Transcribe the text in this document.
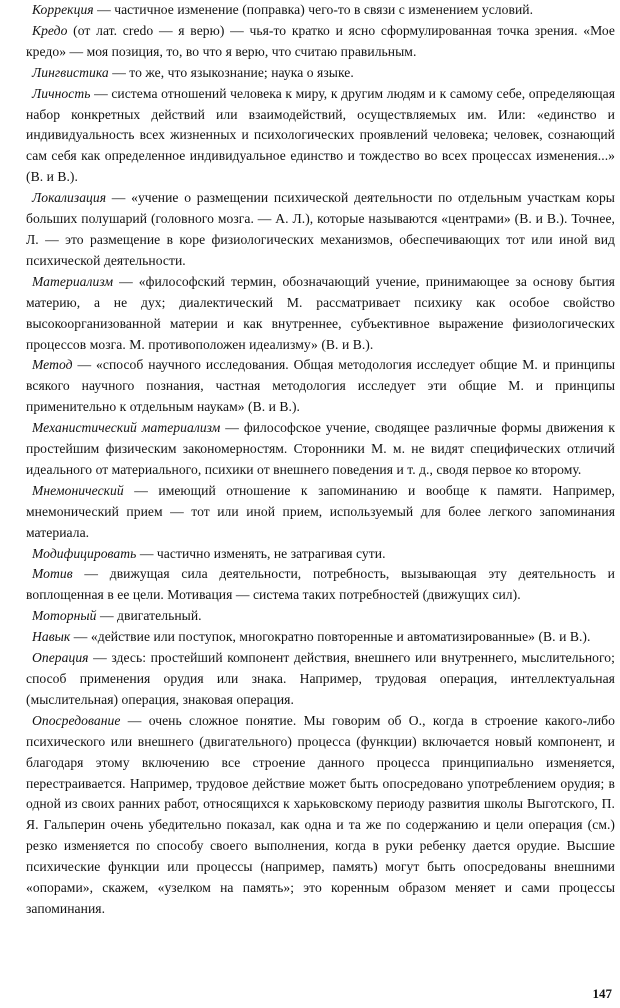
Коррекция — частичное изменение (поправка) чего-то в связи с изменением условий.

Кредо (от лат. credo — я верю) — чья-то кратко и ясно сформулированная точка зрения. «Мое кредо» — моя позиция, то, во что я верю, что считаю правильным.

Лингвистика — то же, что языкознание; наука о языке.

Личность — система отношений человека к миру, к другим людям и к самому себе, определяющая набор конкретных действий или взаимодействий, осуществляемых им. Или: «единство и индивидуальность всех жизненных и психологических проявлений человека; человек, сознающий сам себя как определенное индивидуальное единство и тождество во всех процессах изменения...» (В. и В.).

Локализация — «учение о размещении психической деятельности по отдельным участкам коры больших полушарий (головного мозга. — А. Л.), которые называются «центрами» (В. и В.). Точнее, Л. — это размещение в коре физиологических механизмов, обеспечивающих тот или иной вид психической деятельности.

Материализм — «философский термин, обозначающий учение, принимающее за основу бытия материю, а не дух; диалектический М. рассматривает психику как особое свойство высокоорганизованной материи и как внутреннее, субъективное выражение физиологических процессов мозга. М. противоположен идеализму» (В. и В.).

Метод — «способ научного исследования. Общая методология исследует общие М. и принципы всякого научного познания, частная методология исследует эти общие М. и принципы применительно к отдельным наукам» (В. и В.).

Механистический материализм — философское учение, сводящее различные формы движения к простейшим физическим закономерностям. Сторонники М. м. не видят специфических отличий идеального от материального, психики от внешнего поведения и т. д., сводя первое ко второму.

Мнемонический — имеющий отношение к запоминанию и вообще к памяти. Например, мнемонический прием — тот или иной прием, используемый для более легкого запоминания материала.

Модифицировать — частично изменять, не затрагивая сути.

Мотив — движущая сила деятельности, потребность, вызывающая эту деятельность и воплощенная в ее цели. Мотивация — система таких потребностей (движущих сил).

Моторный — двигательный.

Навык — «действие или поступок, многократно повторенные и автоматизированные» (В. и В.).

Операция — здесь: простейший компонент действия, внешнего или внутреннего, мыслительного; способ применения орудия или знака. Например, трудовая операция, интеллектуальная (мыслительная) операция, знаковая операция.

Опосредование — очень сложное понятие. Мы говорим об О., когда в строение какого-либо психического или внешнего (двигательного) процесса (функции) включается новый компонент, и благодаря этому включению все строение данного процесса принципиально изменяется, перестраивается. Например, трудовое действие может быть опосредовано употреблением орудия; в одной из своих ранних работ, относящихся к харьковскому периоду развития школы Выготского, П. Я. Гальперин очень убедительно показал, как одна и та же по содержанию и цели операция (см.) резко изменяется по способу своего выполнения, когда в руки ребенку дается орудие. Высшие психические функции или процессы (например, память) могут быть опосредованы внешними «опорами», скажем, «узелком на память»; это коренным образом меняет и сами процессы запоминания.

147
